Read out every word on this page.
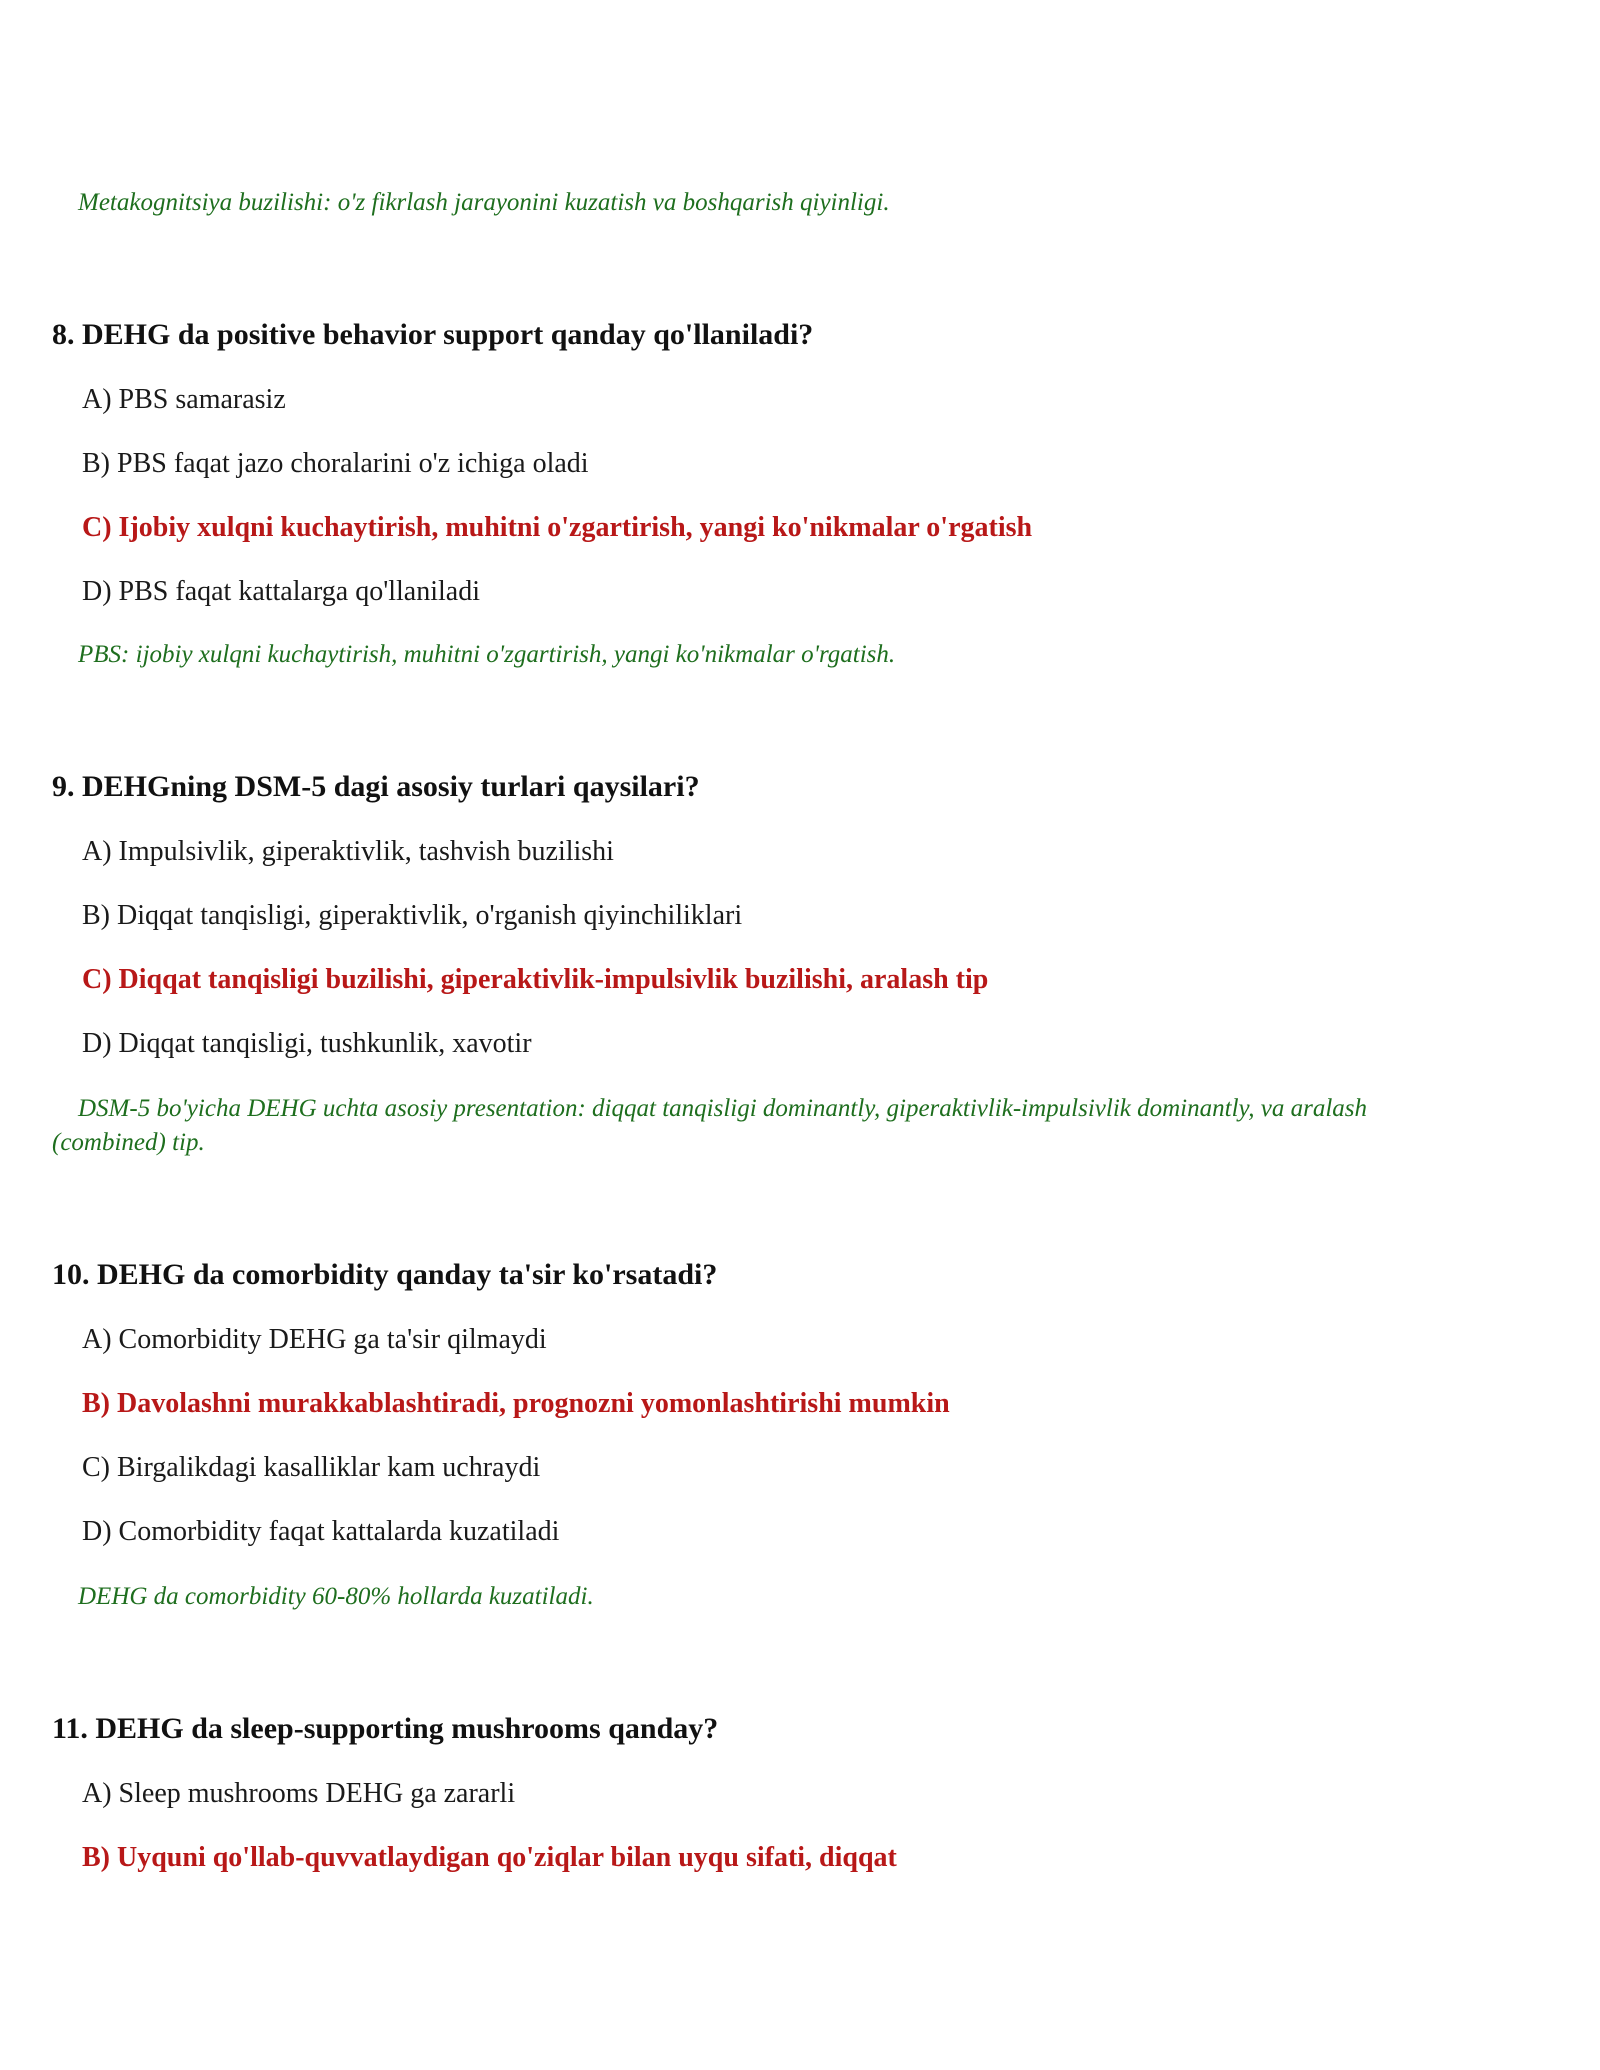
Metakognitsiya buzilishi: o'z fikrlash jarayonini kuzatish va boshqarish qiyinligi.

8. DEHG da positive behavior support qanday qo'llaniladi?

A) PBS samarasiz

B) PBS faqat jazo choralarini o'z ichiga oladi

C) Ijobiy xulqni kuchaytirish, muhitni o'zgartirish, yangi ko'nikmalar o'rgatish

D) PBS faqat kattalarga qo'llaniladi

PBS: ijobiy xulqni kuchaytirish, muhitni o'zgartirish, yangi ko'nikmalar o'rgatish.

9. DEHGning DSM-5 dagi asosiy turlari qaysilari?

A) Impulsivlik, giperaktivlik, tashvish buzilishi

B) Diqqat tanqisligi, giperaktivlik, o'rganish qiyinchiliklari

C) Diqqat tanqisligi buzilishi, giperaktivlik-impulsivlik buzilishi, aralash tip

D) Diqqat tanqisligi, tushkunlik, xavotir

DSM-5 bo'yicha DEHG uchta asosiy presentation: diqqat tanqisligi dominantly, giperaktivlik-impulsivlik dominantly, va aralash (combined) tip.

10. DEHG da comorbidity qanday ta'sir ko'rsatadi?

A) Comorbidity DEHG ga ta'sir qilmaydi

B) Davolashni murakkablashtiradi, prognozni yomonlashtirishi mumkin

C) Birgalikdagi kasalliklar kam uchraydi

D) Comorbidity faqat kattalarda kuzatiladi

DEHG da comorbidity 60-80% hollarda kuzatiladi.

11. DEHG da sleep-supporting mushrooms qanday?

A) Sleep mushrooms DEHG ga zararli

B) Uyquni qo'llab-quvvatlaydigan qo'ziqlar bilan uyqu sifati, diqqat
